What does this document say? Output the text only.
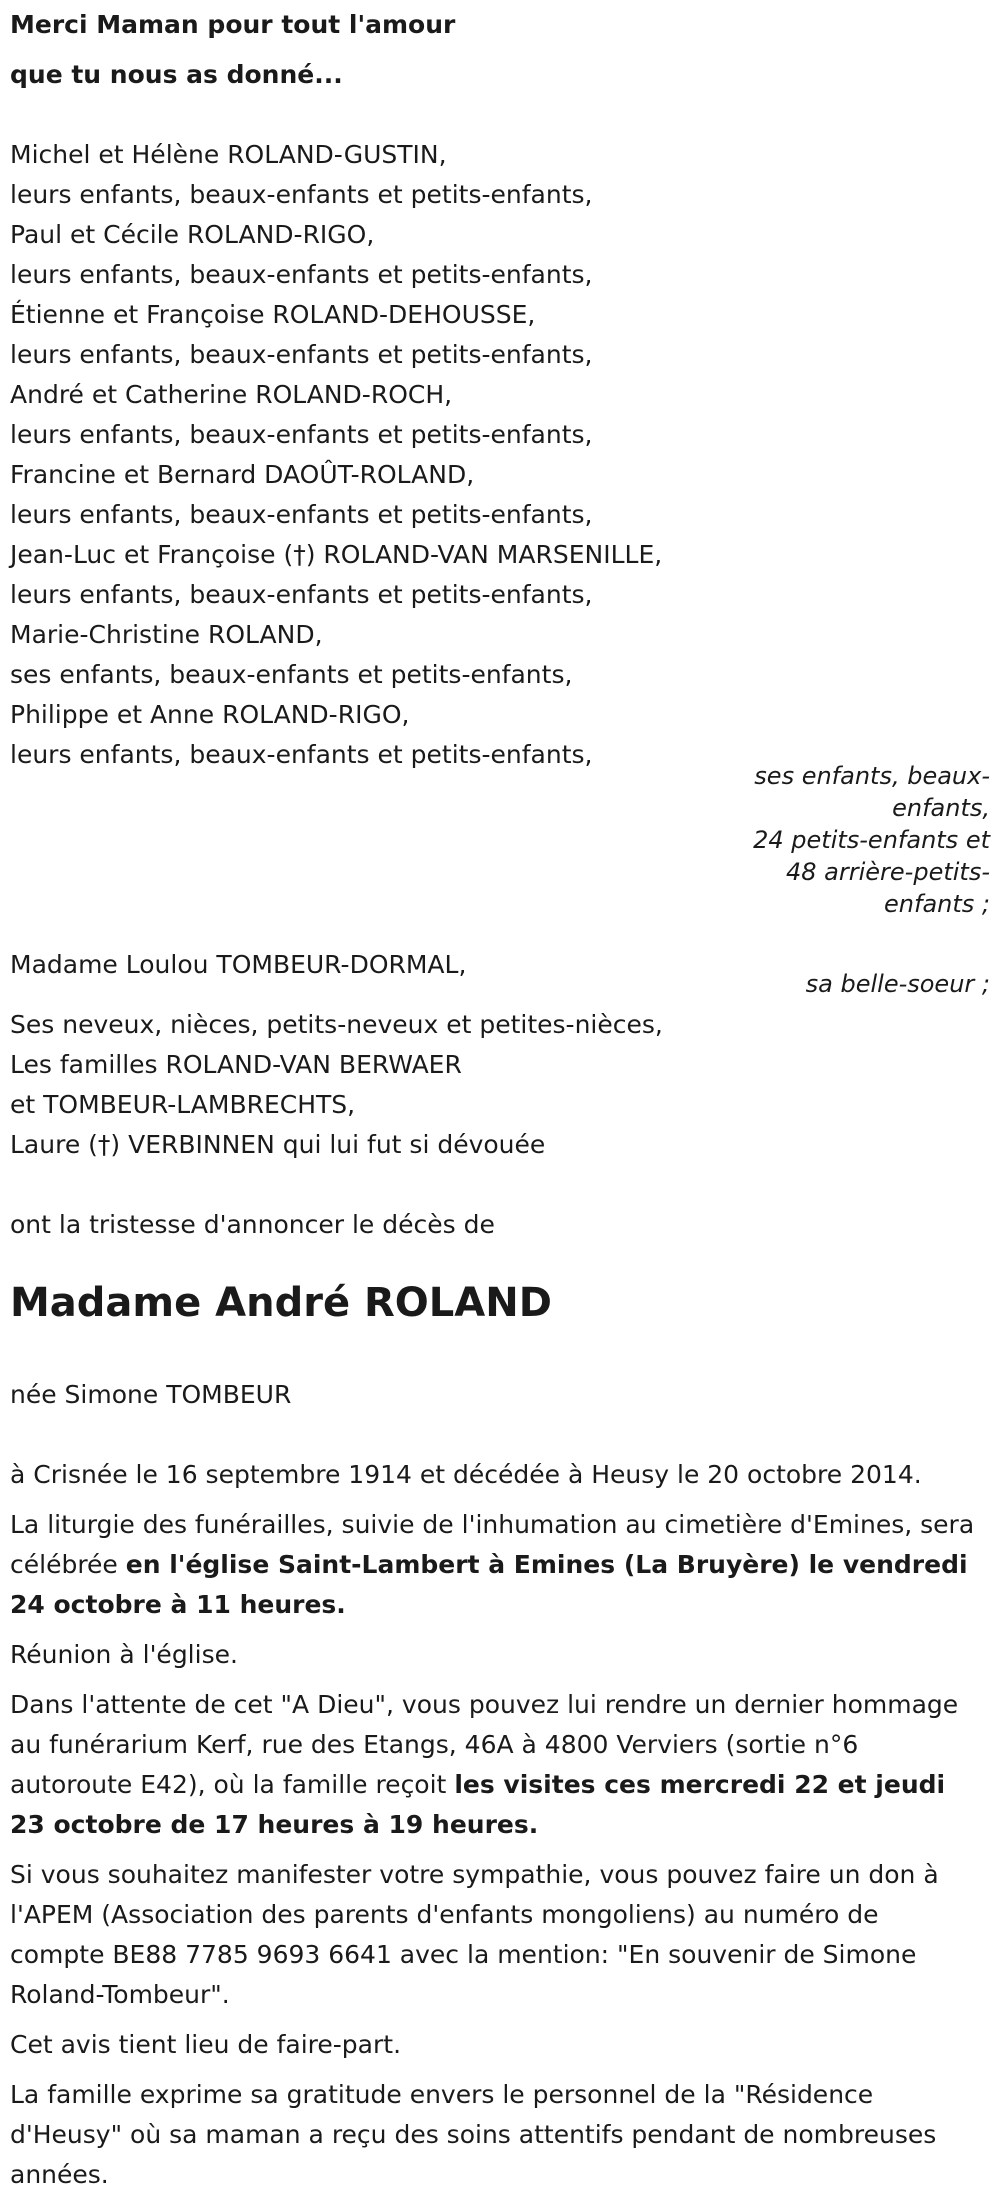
Merci Maman pour tout l'amour
que tu nous as donné...
Michel et Hélène ROLAND-GUSTIN,
leurs enfants, beaux-enfants et petits-enfants,
Paul et Cécile ROLAND-RIGO,
leurs enfants, beaux-enfants et petits-enfants,
Étienne et Françoise ROLAND-DEHOUSSE,
leurs enfants, beaux-enfants et petits-enfants,
André et Catherine ROLAND-ROCH,
leurs enfants, beaux-enfants et petits-enfants,
Francine et Bernard DAOÛT-ROLAND,
leurs enfants, beaux-enfants et petits-enfants,
Jean-Luc et Françoise (†) ROLAND-VAN MARSENILLE,
leurs enfants, beaux-enfants et petits-enfants,
Marie-Christine ROLAND,
ses enfants, beaux-enfants et petits-enfants,
Philippe et Anne ROLAND-RIGO,
leurs enfants, beaux-enfants et petits-enfants,

ses enfants, beaux-enfants,

24 petits-enfants et 48 arrière-petits-enfants ;

Madame Loulou TOMBEUR-DORMAL,

sa belle-soeur ;

Ses neveux, nièces, petits-neveux et petites-nièces,
Les familles ROLAND-VAN BERWAER
et TOMBEUR-LAMBRECHTS,
Laure (†) VERBINNEN qui lui fut si dévouée
ont la tristesse d'annoncer le décès de
Madame André ROLAND
née Simone TOMBEUR

à Crisnée le 16 septembre 1914 et décédée à Heusy le 20 octobre 2014.

La liturgie des funérailles, suivie de l'inhumation au cimetière d'Emines, sera célébrée en l'église Saint-Lambert à Emines (La Bruyère) le vendredi 24 octobre à 11 heures.

Réunion à l'église.

Dans l'attente de cet "A Dieu", vous pouvez lui rendre un dernier hommage au funérarium Kerf, rue des Etangs, 46A à 4800 Verviers (sortie n°6 autoroute E42), où la famille reçoit les visites ces mercredi 22 et jeudi 23 octobre de 17 heures à 19 heures.

Si vous souhaitez manifester votre sympathie, vous pouvez faire un don à l'APEM (Association des parents d'enfants mongoliens) au numéro de compte BE88 7785 9693 6641 avec la mention: "En souvenir de Simone Roland-Tombeur".

Cet avis tient lieu de faire-part.

La famille exprime sa gratitude envers le personnel de la "Résidence d'Heusy" où sa maman a reçu des soins attentifs pendant de nombreuses années.
